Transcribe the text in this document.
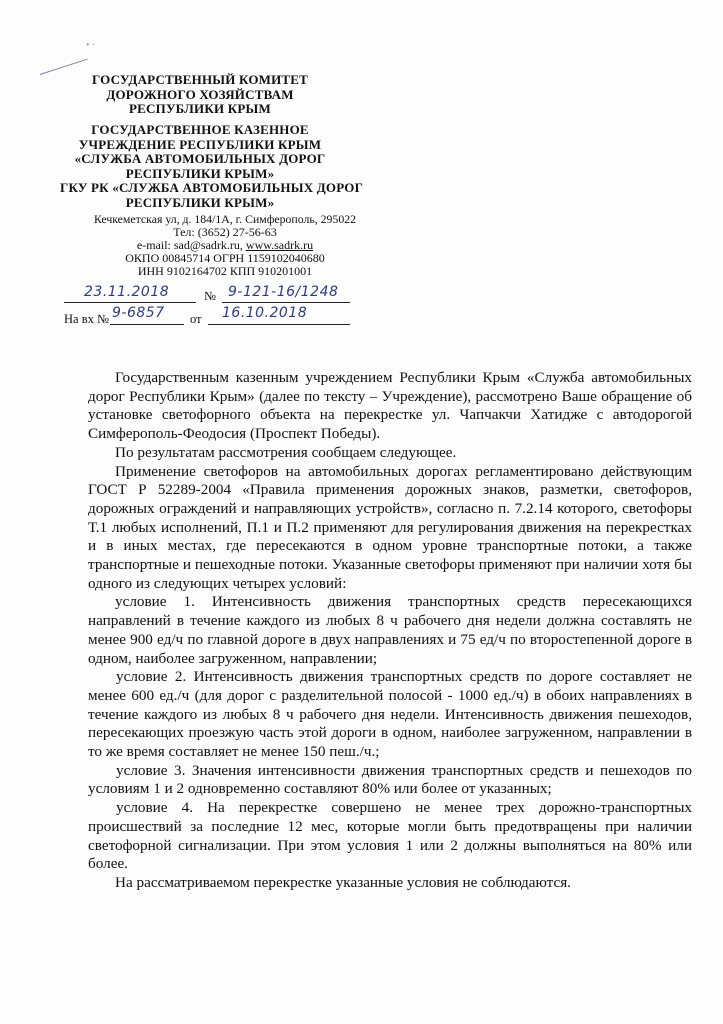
• ·
ГОСУДАРСТВЕННЫЙ КОМИТЕТ
ДОРОЖНОГО ХОЗЯЙСТВАМ
РЕСПУБЛИКИ КРЫМ
ГОСУДАРСТВЕННОЕ КАЗЕННОЕ
УЧРЕЖДЕНИЕ РЕСПУБЛИКИ КРЫМ
«СЛУЖБА АВТОМОБИЛЬНЫХ ДОРОГ
РЕСПУБЛИКИ КРЫМ»
ГКУ РК «СЛУЖБА АВТОМОБИЛЬНЫХ ДОРОГ
РЕСПУБЛИКИ КРЫМ»
Кечкеметская ул, д. 184/1А, г. Симферополь, 295022
Тел: (3652) 27-56-63
e-mail: sad@sadrk.ru, www.sadrk.ru
ОКПО 00845714 ОГРН 1159102040680
ИНН 9102164702 КПП 910201001
23.11.2018	№ 9-121-16/1248
На вх № 9-6857 от 16.10.2018

Государственным казенным учреждением Республики Крым «Служба автомобильных дорог Республики Крым» (далее по тексту – Учреждение), рассмотрено Ваше обращение об установке светофорного объекта на перекрестке ул. Чапчакчи Хатидже с автодорогой Симферополь-Феодосия (Проспект Победы).

По результатам рассмотрения сообщаем следующее.

Применение светофоров на автомобильных дорогах регламентировано действующим ГОСТ Р 52289-2004 «Правила применения дорожных знаков, разметки, светофоров, дорожных ограждений и направляющих устройств», согласно п. 7.2.14 которого, светофоры Т.1 любых исполнений, П.1 и П.2 применяют для регулирования движения на перекрестках и в иных местах, где пересекаются в одном уровне транспортные потоки, а также транспортные и пешеходные потоки. Указанные светофоры применяют при наличии хотя бы одного из следующих четырех условий:

условие 1. Интенсивность движения транспортных средств пересекающихся направлений в течение каждого из любых 8 ч рабочего дня недели должна составлять не менее 900 ед/ч по главной дороге в двух направлениях и 75 ед/ч по второстепенной дороге в одном, наиболее загруженном, направлении;

условие 2. Интенсивность движения транспортных средств по дороге составляет не менее 600 ед./ч (для дорог с разделительной полосой - 1000 ед./ч) в обоих направлениях в течение каждого из любых 8 ч рабочего дня недели. Интенсивность движения пешеходов, пересекающих проезжую часть этой дороги в одном, наиболее загруженном, направлении в то же время составляет не менее 150 пеш./ч.;

условие 3. Значения интенсивности движения транспортных средств и пешеходов по условиям 1 и 2 одновременно составляют 80% или более от указанных;

условие 4. На перекрестке совершено не менее трех дорожно-транспортных происшествий за последние 12 мес, которые могли быть предотвращены при наличии светофорной сигнализации. При этом условия 1 или 2 должны выполняться на 80% или более.

На рассматриваемом перекрестке указанные условия не соблюдаются.
